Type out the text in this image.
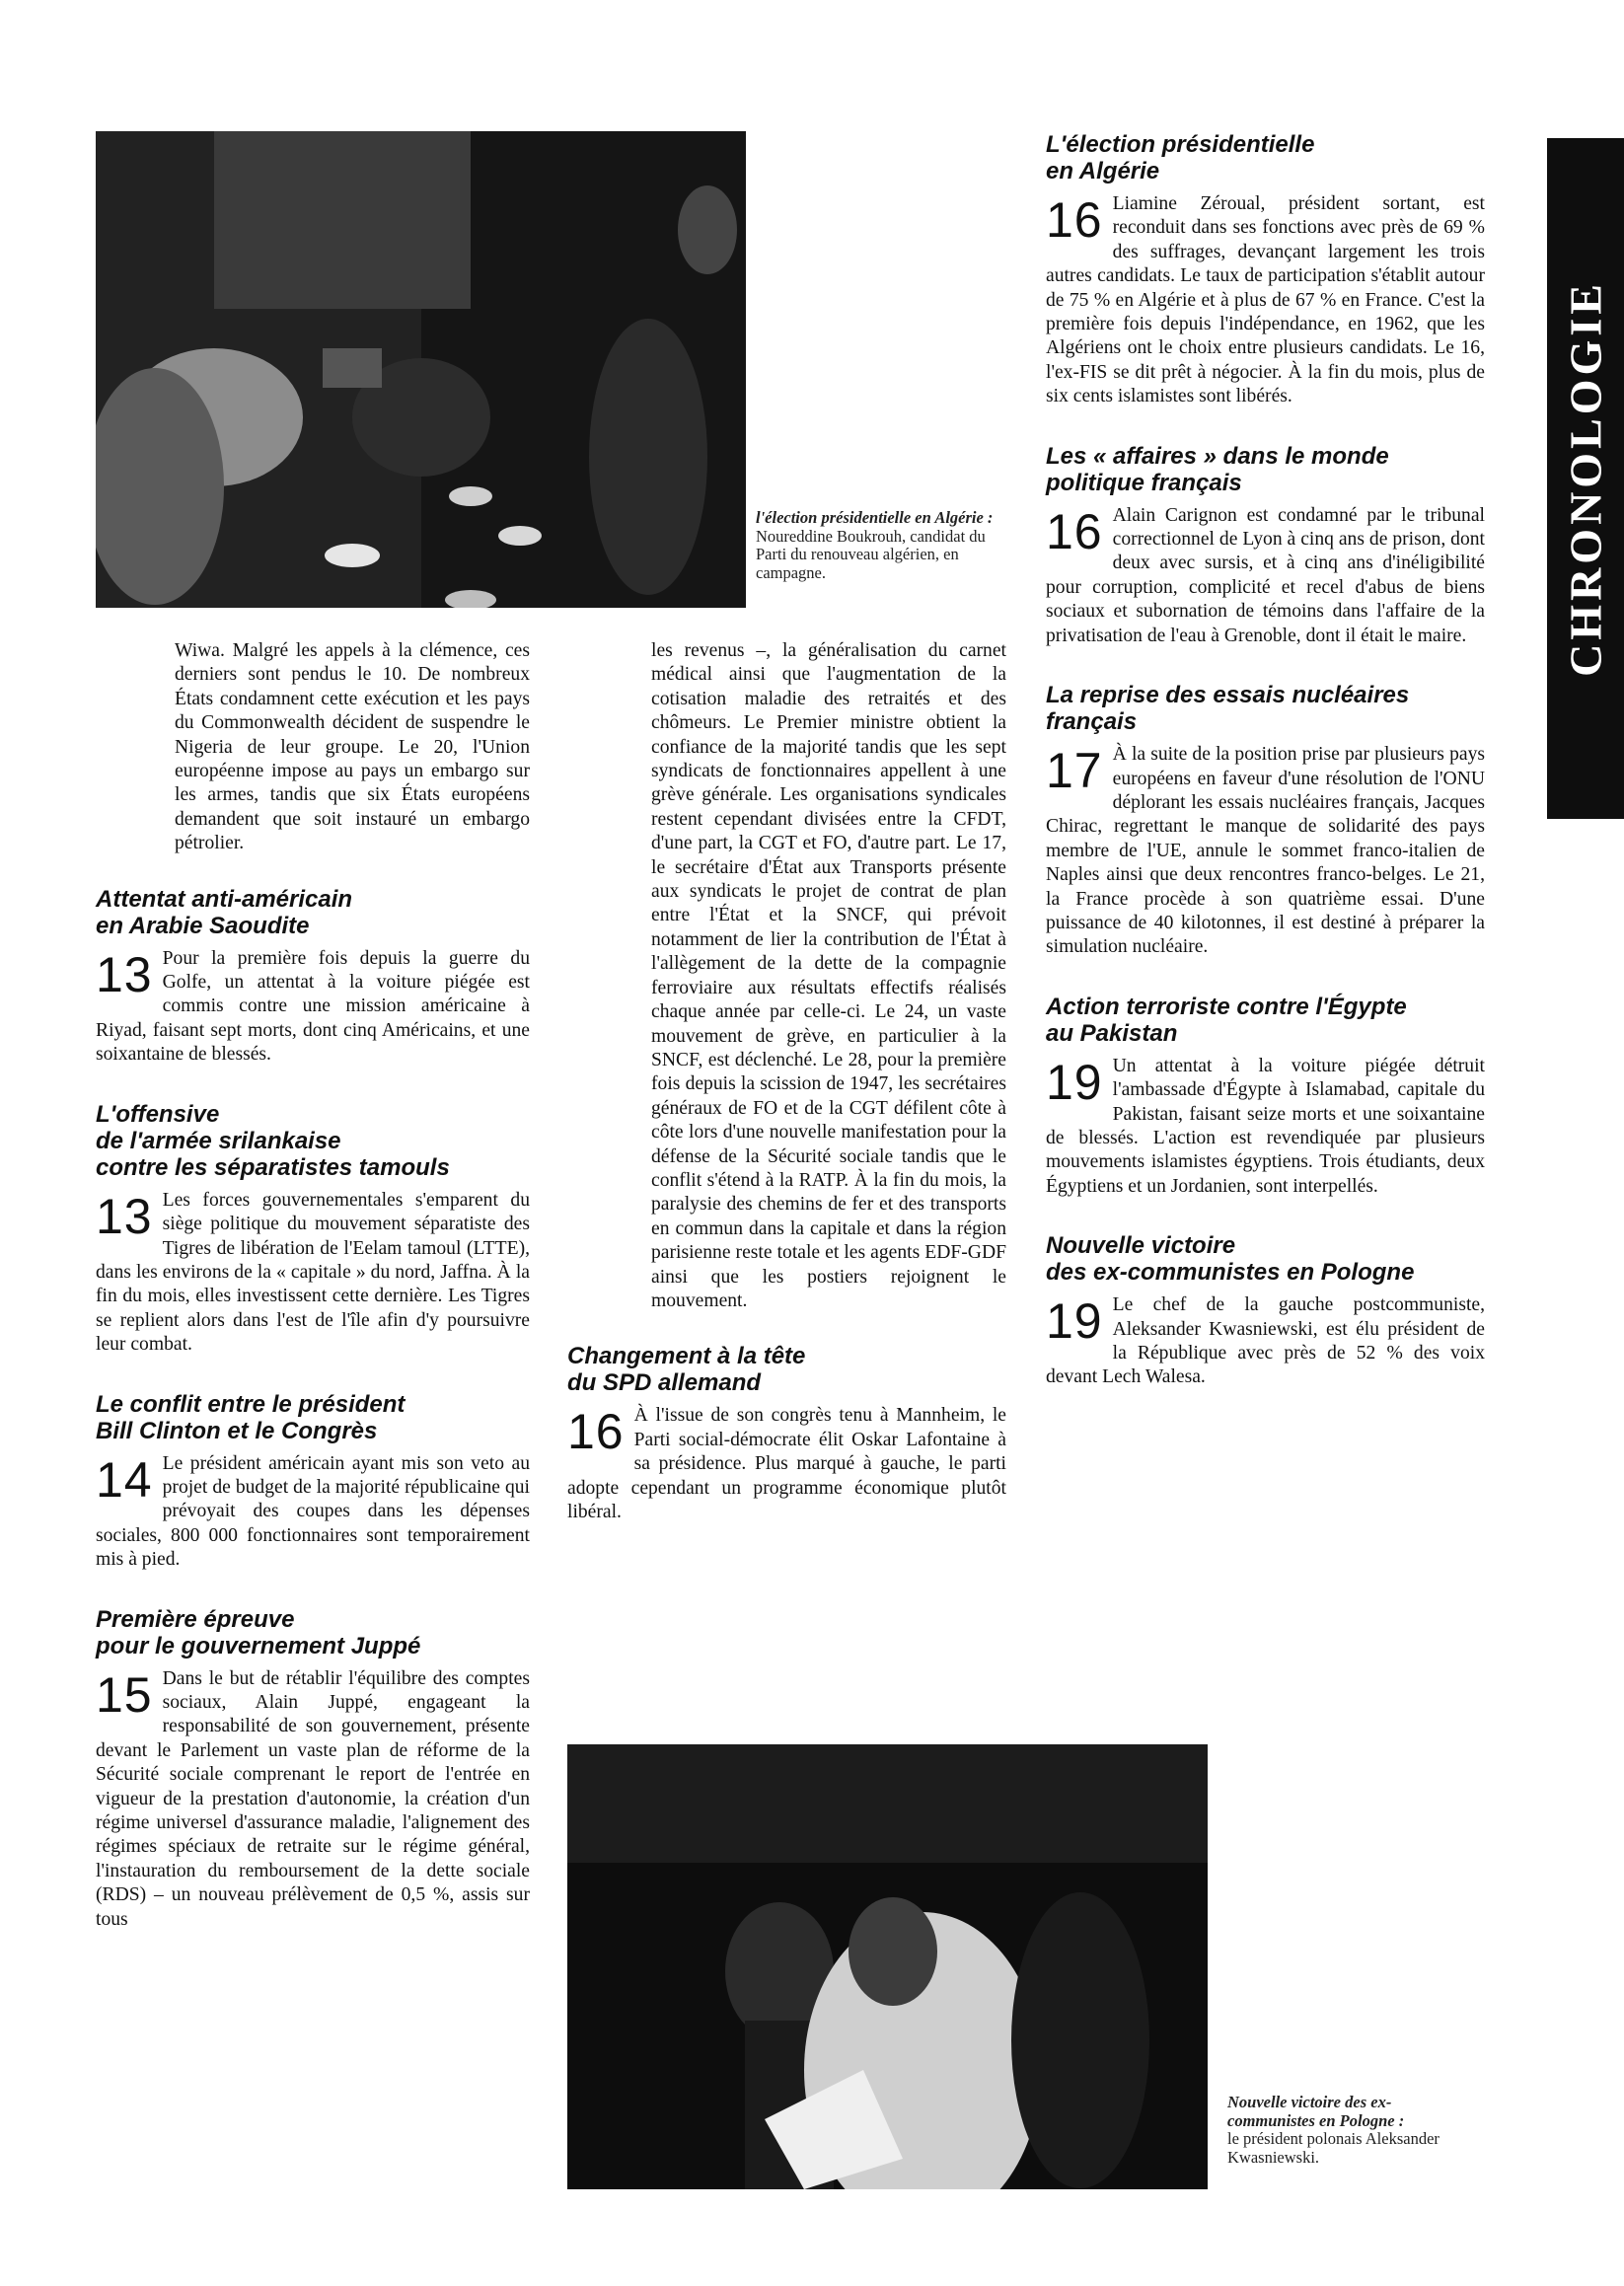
l'élection présidentielle en Algérie :
Noureddine Boukrouh, candidat du Parti du renouveau algérien, en campagne.	CHRONOLOGIE

Wiwa. Malgré les appels à la clémence, ces derniers sont pendus le 10. De nombreux États condamnent cette exécution et les pays du Commonwealth décident de suspendre le Nigeria de leur groupe. Le 20, l'Union européenne impose au pays un embargo sur les armes, tandis que six États européens demandent que soit instauré un embargo pétrolier.

Attentat anti-américain
en Arabie Saoudite
13 Pour la première fois depuis la guerre du Golfe, un attentat à la voiture piégée est commis contre une mission américaine à Riyad, faisant sept morts, dont cinq Américains, et une soixantaine de blessés.
L'offensive
de l'armée srilankaise
contre les séparatistes tamouls
13 Les forces gouvernementales s'emparent du siège politique du mouvement séparatiste des Tigres de libération de l'Eelam tamoul (LTTE), dans les environs de la « capitale » du nord, Jaffna. À la fin du mois, elles investissent cette dernière. Les Tigres se replient alors dans l'est de l'île afin d'y poursuivre leur combat.
Le conflit entre le président
Bill Clinton et le Congrès
14 Le président américain ayant mis son veto au projet de budget de la majorité républicaine qui prévoyait des coupes dans les dépenses sociales, 800 000 fonctionnaires sont temporairement mis à pied.
Première épreuve
pour le gouvernement Juppé
15 Dans le but de rétablir l'équilibre des comptes sociaux, Alain Juppé, engageant la responsabilité de son gouvernement, présente devant le Parlement un vaste plan de réforme de la Sécurité sociale comprenant le report de l'entrée en vigueur de la prestation d'autonomie, la création d'un régime universel d'assurance maladie, l'alignement des régimes spéciaux de retraite sur le régime général, l'instauration du remboursement de la dette sociale (RDS) – un nouveau prélèvement de 0,5 %, assis sur tous

les revenus –, la généralisation du carnet médical ainsi que l'augmentation de la cotisation maladie des retraités et des chômeurs. Le Premier ministre obtient la confiance de la majorité tandis que les sept syndicats de fonctionnaires appellent à une grève générale. Les organisations syndicales restent cependant divisées entre la CFDT, d'une part, la CGT et FO, d'autre part. Le 17, le secrétaire d'État aux Transports présente aux syndicats le projet de contrat de plan entre l'État et la SNCF, qui prévoit notamment de lier la contribution de l'État à l'allègement de la dette de la compagnie ferroviaire aux résultats effectifs réalisés chaque année par celle-ci. Le 24, un vaste mouvement de grève, en particulier à la SNCF, est déclenché. Le 28, pour la première fois depuis la scission de 1947, les secrétaires généraux de FO et de la CGT défilent côte à côte lors d'une nouvelle manifestation pour la défense de la Sécurité sociale tandis que le conflit s'étend à la RATP. À la fin du mois, la paralysie des chemins de fer et des transports en commun dans la capitale et dans la région parisienne reste totale et les agents EDF-GDF ainsi que les postiers rejoignent le mouvement.

Changement à la tête
du SPD allemand
16 À l'issue de son congrès tenu à Mannheim, le Parti social-démocrate élit Oskar Lafontaine à sa présidence. Plus marqué à gauche, le parti adopte cependant un programme économique plutôt libéral.
L'élection présidentielle
en Algérie
16 Liamine Zéroual, président sortant, est reconduit dans ses fonctions avec près de 69 % des suffrages, devançant largement les trois autres candidats. Le taux de participation s'établit autour de 75 % en Algérie et à plus de 67 % en France. C'est la première fois depuis l'indépendance, en 1962, que les Algériens ont le choix entre plusieurs candidats. Le 16, l'ex-FIS se dit prêt à négocier. À la fin du mois, plus de six cents islamistes sont libérés.
Les « affaires » dans le monde
politique français
16 Alain Carignon est condamné par le tribunal correctionnel de Lyon à cinq ans de prison, dont deux avec sursis, et à cinq ans d'inéligibilité pour corruption, complicité et recel d'abus de biens sociaux et subornation de témoins dans l'affaire de la privatisation de l'eau à Grenoble, dont il était le maire.
La reprise des essais nucléaires
français
17 À la suite de la position prise par plusieurs pays européens en faveur d'une résolution de l'ONU déplorant les essais nucléaires français, Jacques Chirac, regrettant le manque de solidarité des pays membre de l'UE, annule le sommet franco-italien de Naples ainsi que deux rencontres franco-belges. Le 21, la France procède à son quatrième essai. D'une puissance de 40 kilotonnes, il est destiné à préparer la simulation nucléaire.
Action terroriste contre l'Égypte
au Pakistan
19 Un attentat à la voiture piégée détruit l'ambassade d'Égypte à Islamabad, capitale du Pakistan, faisant seize morts et une soixantaine de blessés. L'action est revendiquée par plusieurs mouvements islamistes égyptiens. Trois étudiants, deux Égyptiens et un Jordanien, sont interpellés.
Nouvelle victoire
des ex-communistes en Pologne
19 Le chef de la gauche postcommuniste, Aleksander Kwasniewski, est élu président de la République avec près de 52 % des voix devant Lech Walesa.
Nouvelle victoire des ex-communistes en Pologne :
le président polonais Aleksander Kwasniewski.
